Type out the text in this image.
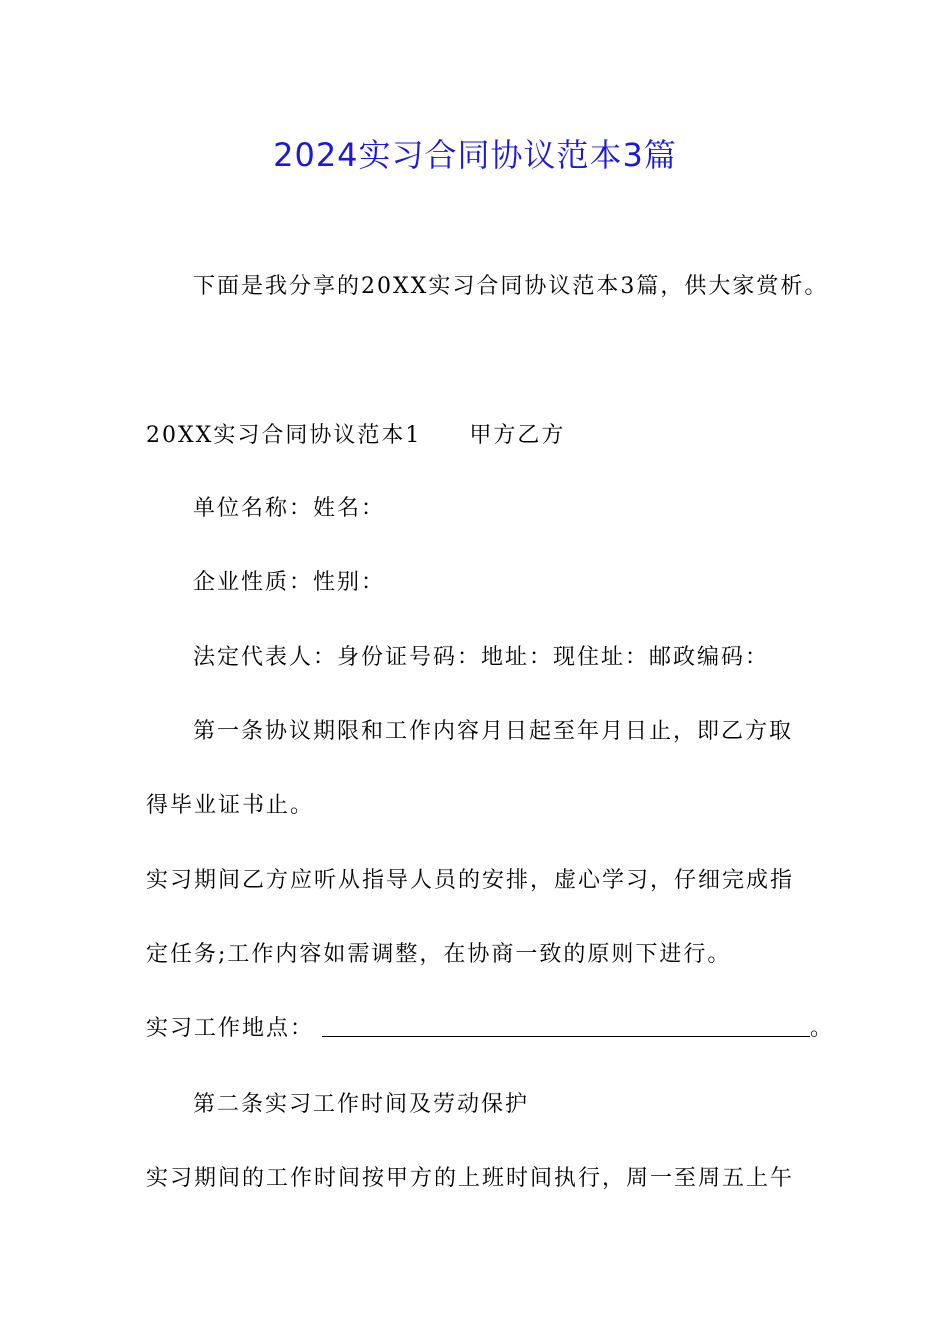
2024实习合同协议范本3篇
下面是我分享的20XX实习合同协议范本3篇，供大家赏析。
20XX实习合同协议范本1 甲方乙方
单位名称：姓名：
企业性质：性别：
法定代表人：身份证号码：地址：现住址：邮政编码：
第一条协议期限和工作内容月日起至年月日止，即乙方取
得毕业证书止。
实习期间乙方应听从指导人员的安排，虚心学习，仔细完成指
定任务;工作内容如需调整，在协商一致的原则下进行。
实习工作地点：	。
第二条实习工作时间及劳动保护
实习期间的工作时间按甲方的上班时间执行，周一至周五上午
